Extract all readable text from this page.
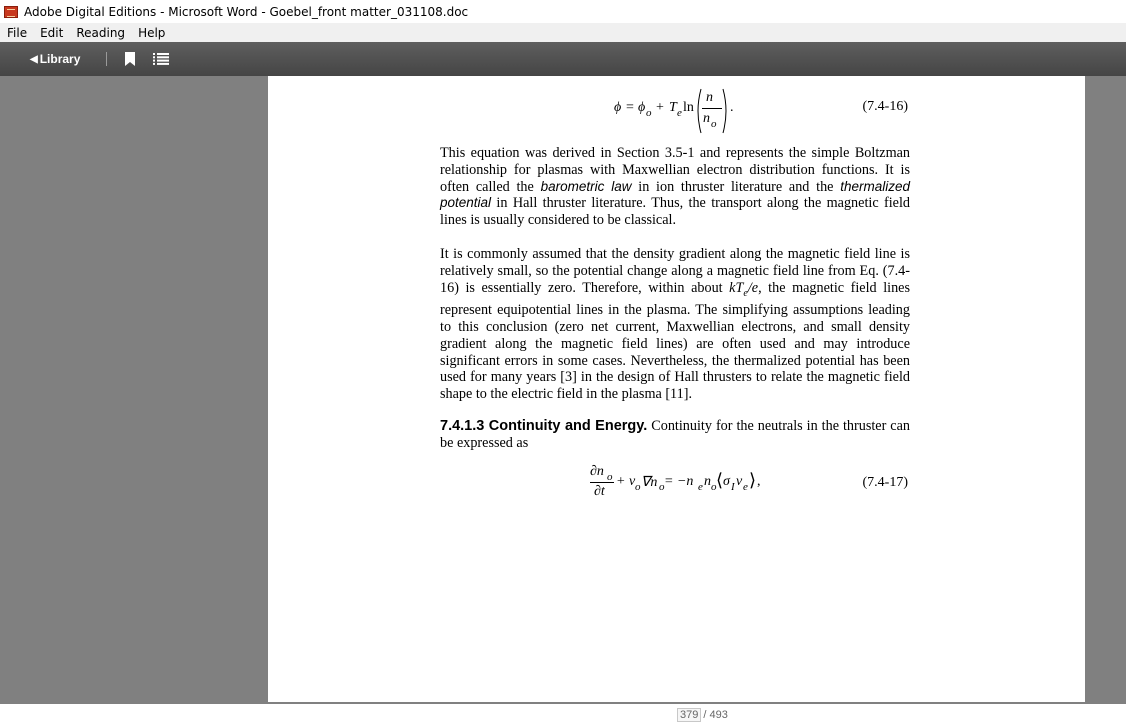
Adobe Digital Editions - Microsoft Word - Goebel_front matter_031108.doc
File	Edit	Reading	Help
◀ Library
ϕ = ϕ o + T e ln
n
n o
.	(7.4-16)
This equation was derived in Section 3.5-1 and represents the simple Boltzman relationship for plasmas with Maxwellian electron distribution functions. It is often called the barometric law in ion thruster literature and the thermalized potential in Hall thruster literature. Thus, the transport along the magnetic field lines is usually considered to be classical.
It is commonly assumed that the density gradient along the magnetic field line is relatively small, so the potential change along a magnetic field line from Eq. (7.4-16) is essentially zero. Therefore, within about $kT_e/e$, the magnetic field lines represent equipotential lines in the plasma. The simplifying assumptions leading to this conclusion (zero net current, Maxwellian electrons, and small density gradient along the magnetic field lines) are often used and may introduce significant errors in some cases. Nevertheless, the thermalized potential has been used for many years [3] in the design of Hall thrusters to relate the magnetic field shape to the electric field in the plasma [11].
7.4.1.3 Continuity and Energy. Continuity for the neutrals in the thruster can be expressed as
∂n o
∂t
+ v o ∇n o = −n e n o ⟨ σ I v e ⟩ ,	(7.4-17)
379 / 493
